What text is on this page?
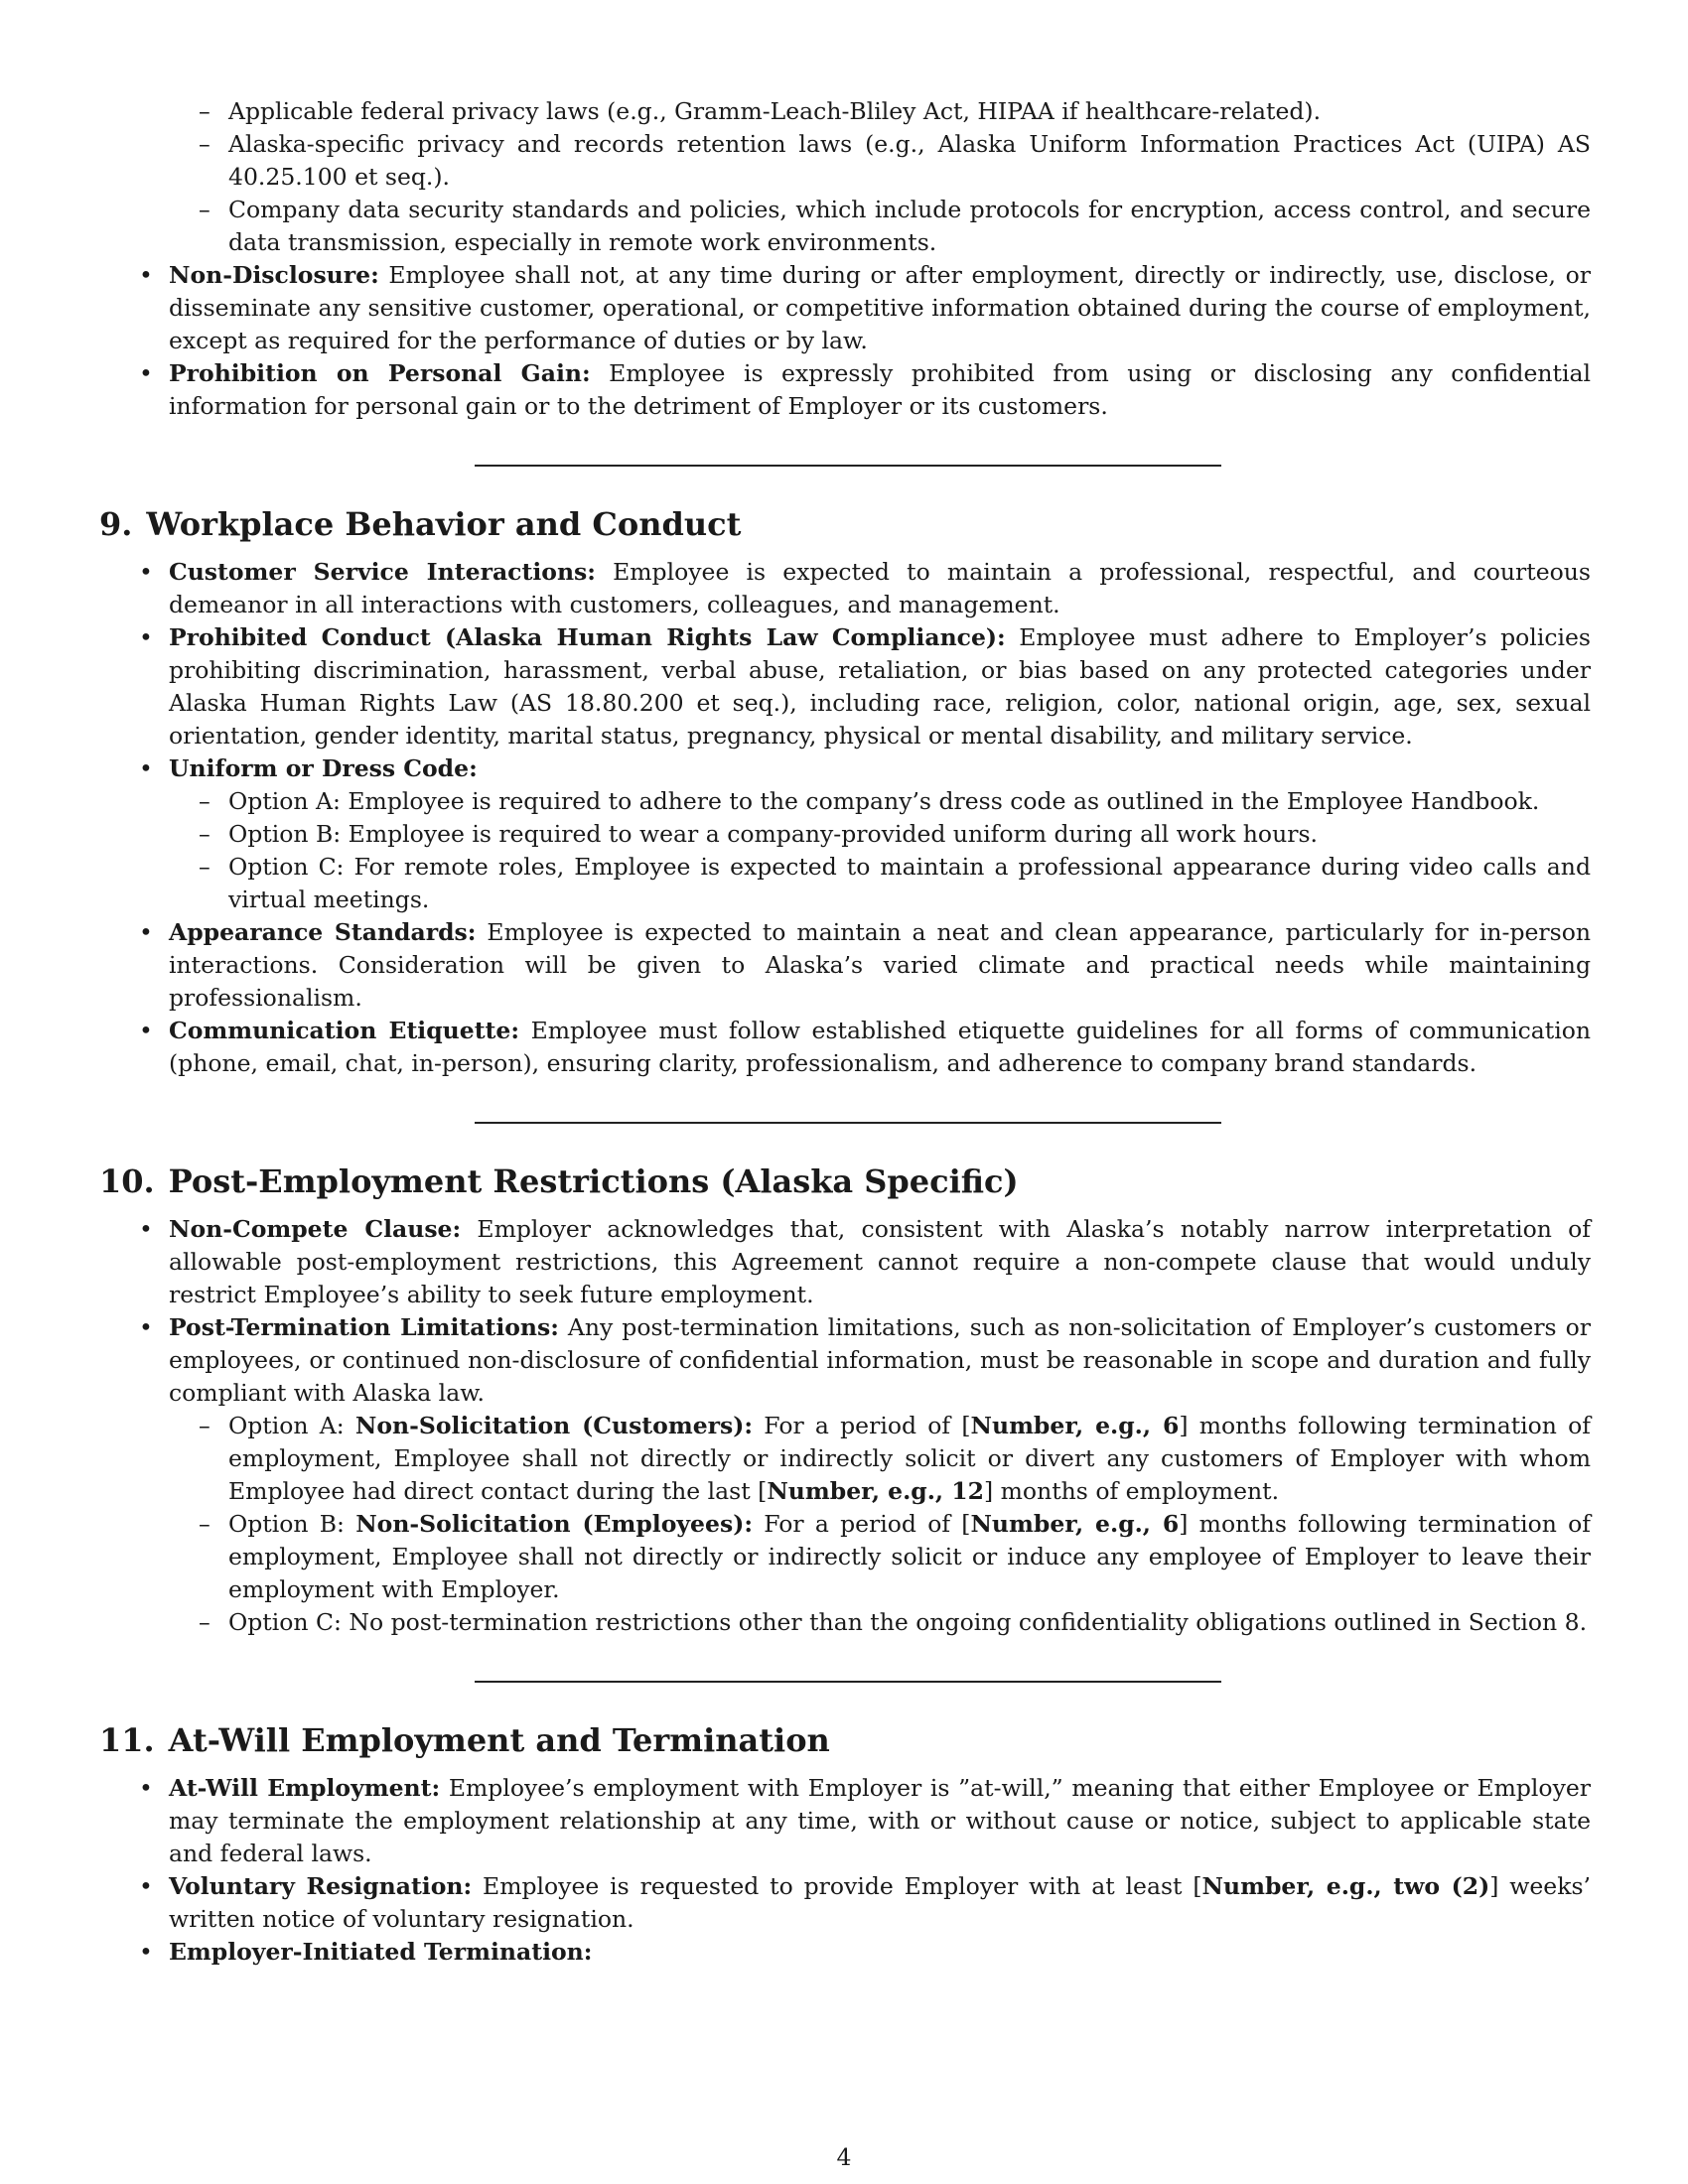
– Applicable federal privacy laws (e.g., Gramm-Leach-Bliley Act, HIPAA if healthcare-related).
– Alaska-specific privacy and records retention laws (e.g., Alaska Uniform Information Practices Act (UIPA) AS 40.25.100 et seq.).
– Company data security standards and policies, which include protocols for encryption, access control, and secure data transmission, especially in remote work environments.
• Non-Disclosure: Employee shall not, at any time during or after employment, directly or indirectly, use, disclose, or disseminate any sensitive customer, operational, or competitive information obtained during the course of employment, except as required for the performance of duties or by law.
• Prohibition on Personal Gain: Employee is expressly prohibited from using or disclosing any confidential information for personal gain or to the detriment of Employer or its customers.
9. Workplace Behavior and Conduct
• Customer Service Interactions: Employee is expected to maintain a professional, respectful, and courteous demeanor in all interactions with customers, colleagues, and management.
• Prohibited Conduct (Alaska Human Rights Law Compliance): Employee must adhere to Employer’s policies prohibiting discrimination, harassment, verbal abuse, retaliation, or bias based on any protected categories under Alaska Human Rights Law (AS 18.80.200 et seq.), including race, religion, color, national origin, age, sex, sexual orientation, gender identity, marital status, pregnancy, physical or mental disability, and military service.
• Uniform or Dress Code:
– Option A: Employee is required to adhere to the company’s dress code as outlined in the Employee Handbook.
– Option B: Employee is required to wear a company-provided uniform during all work hours.
– Option C: For remote roles, Employee is expected to maintain a professional appearance during video calls and virtual meetings.
• Appearance Standards: Employee is expected to maintain a neat and clean appearance, particularly for in-person interactions. Consideration will be given to Alaska’s varied climate and practical needs while maintaining professionalism.
• Communication Etiquette: Employee must follow established etiquette guidelines for all forms of communication (phone, email, chat, in-person), ensuring clarity, professionalism, and adherence to company brand standards.
10. Post-Employment Restrictions (Alaska Specific)
• Non-Compete Clause: Employer acknowledges that, consistent with Alaska’s notably narrow interpretation of allowable post-employment restrictions, this Agreement cannot require a non-compete clause that would unduly restrict Employee’s ability to seek future employment.
• Post-Termination Limitations: Any post-termination limitations, such as non-solicitation of Employer’s customers or employees, or continued non-disclosure of confidential information, must be reasonable in scope and duration and fully compliant with Alaska law.
– Option A: Non-Solicitation (Customers): For a period of [Number, e.g., 6] months following termination of employment, Employee shall not directly or indirectly solicit or divert any customers of Employer with whom Employee had direct contact during the last [Number, e.g., 12] months of employment.
– Option B: Non-Solicitation (Employees): For a period of [Number, e.g., 6] months following termination of employment, Employee shall not directly or indirectly solicit or induce any employee of Employer to leave their employment with Employer.
– Option C: No post-termination restrictions other than the ongoing confidentiality obligations outlined in Section 8.
11. At-Will Employment and Termination
• At-Will Employment: Employee’s employment with Employer is ”at-will,” meaning that either Employee or Employer may terminate the employment relationship at any time, with or without cause or notice, subject to applicable state and federal laws.
• Voluntary Resignation: Employee is requested to provide Employer with at least [Number, e.g., two (2)] weeks’ written notice of voluntary resignation.
• Employer-Initiated Termination:
4
